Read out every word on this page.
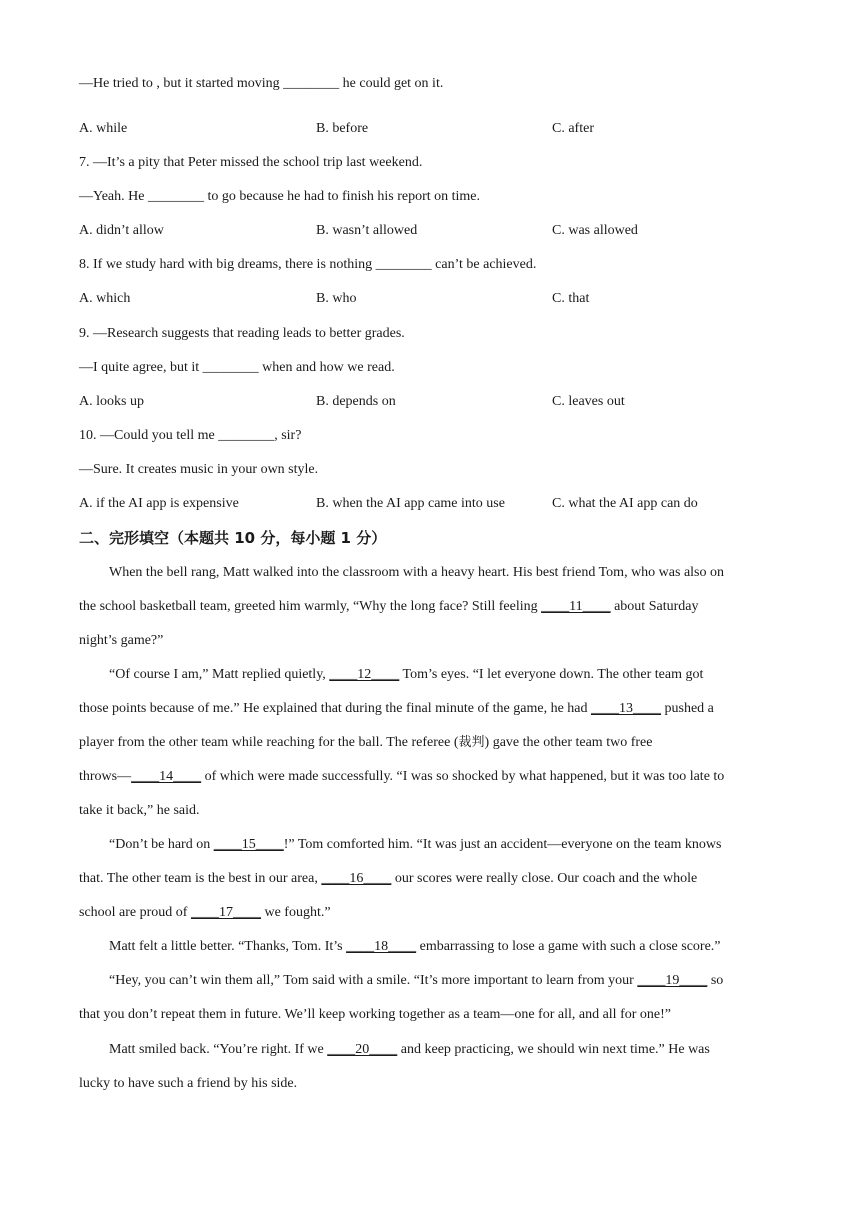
—He tried to , but it started moving ________ he could get on it.
A. while	B. before	C. after
7. —It’s a pity that Peter missed the school trip last weekend.
—Yeah. He ________ to go because he had to finish his report on time.
A. didn’t allow	B. wasn’t allowed	C. was allowed
8. If we study hard with big dreams, there is nothing ________ can’t be achieved.
A. which	B. who	C. that
9. —Research suggests that reading leads to better grades.
—I quite agree, but it ________ when and how we read.
A. looks up	B. depends on	C. leaves out
10. —Could you tell me ________, sir?
—Sure. It creates music in your own style.
A. if the AI app is expensive	B. when the AI app came into use	C. what the AI app can do
二、完形填空（本题共 10 分，每小题 1 分）
When the bell rang, Matt walked into the classroom with a heavy heart. His best friend Tom, who was also on
the school basketball team, greeted him warmly, “Why the long face? Still feeling ____11____ about Saturday
night’s game?”
“Of course I am,” Matt replied quietly, ____12____ Tom’s eyes. “I let everyone down. The other team got
those points because of me.” He explained that during the final minute of the game, he had ____13____ pushed a
player from the other team while reaching for the ball. The referee (裁判) gave the other team two free
throws—____14____ of which were made successfully. “I was so shocked by what happened, but it was too late to
take it back,” he said.
“Don’t be hard on ____15____!” Tom comforted him. “It was just an accident—everyone on the team knows
that. The other team is the best in our area, ____16____ our scores were really close. Our coach and the whole
school are proud of ____17____ we fought.”
Matt felt a little better. “Thanks, Tom. It’s ____18____ embarrassing to lose a game with such a close score.”
“Hey, you can’t win them all,” Tom said with a smile. “It’s more important to learn from your ____19____ so
that you don’t repeat them in future. We’ll keep working together as a team—one for all, and all for one!”
Matt smiled back. “You’re right. If we ____20____ and keep practicing, we should win next time.” He was
lucky to have such a friend by his side.
